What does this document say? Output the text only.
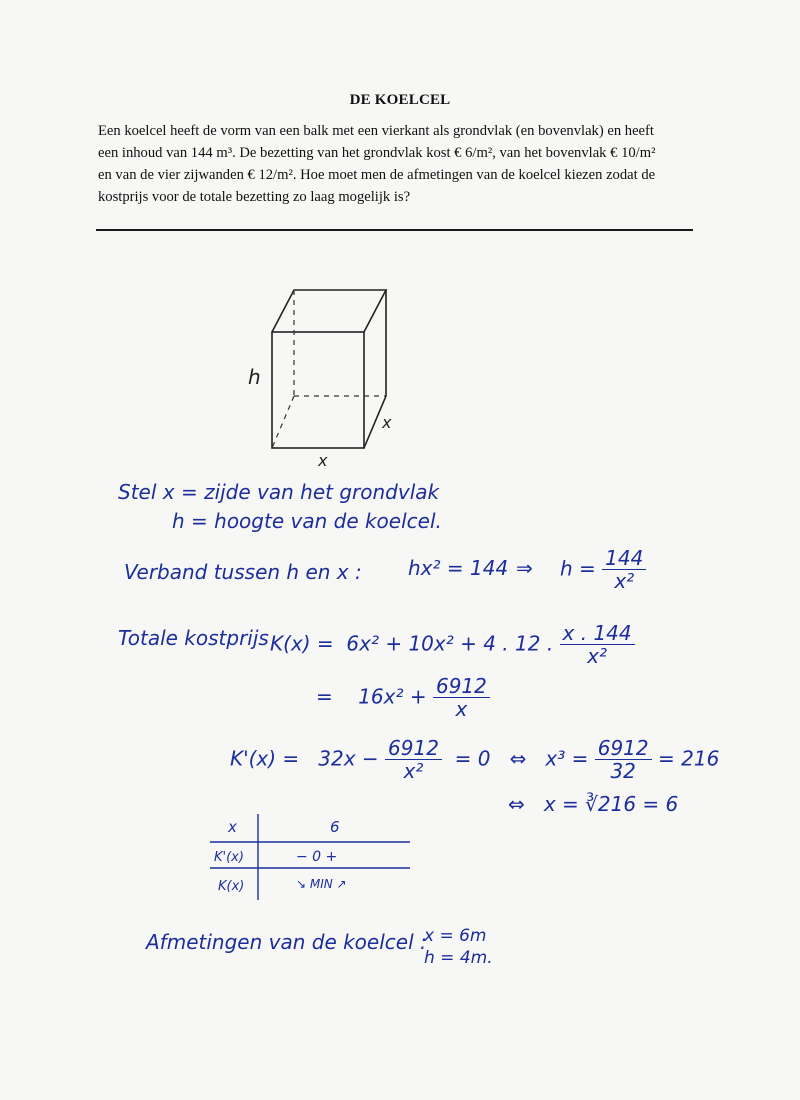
DE KOELCEL

Een koelcel heeft de vorm van een balk met een vierkant als grondvlak (en bovenvlak) en heeft

een inhoud van 144 m³. De bezetting van het grondvlak kost € 6/m², van het bovenvlak € 10/m²

en van de vier zijwanden € 12/m². Hoe moet men de afmetingen van de koelcel kiezen zodat de

kostprijs voor de totale bezetting zo laag mogelijk is?

h
x
x
Stel x = zijde van het grondvlak
h = hoogte van de koelcel.
Verband tussen h en x : hx² = 144 ⇒ $h = \frac{144}{\text{x²}}$
Totale kostprijs K(x) = 6x² + 10x² + 4 . 12 . $\frac{x . 144}{\text{x²}}$
= $16x^2 + \frac{6912}{x}$
$K'(x) = 32x - \frac{6912}{\text{x²}} = 0$ ⇔ $x^3 = \frac{6912}{32} = 216$
⇔ x = ∛216 = 6
x	6
K'(x)	− 0 +
K(x)	↘ MIN ↗
Afmetingen van de koelcel :
x = 6m
h = 4m.
